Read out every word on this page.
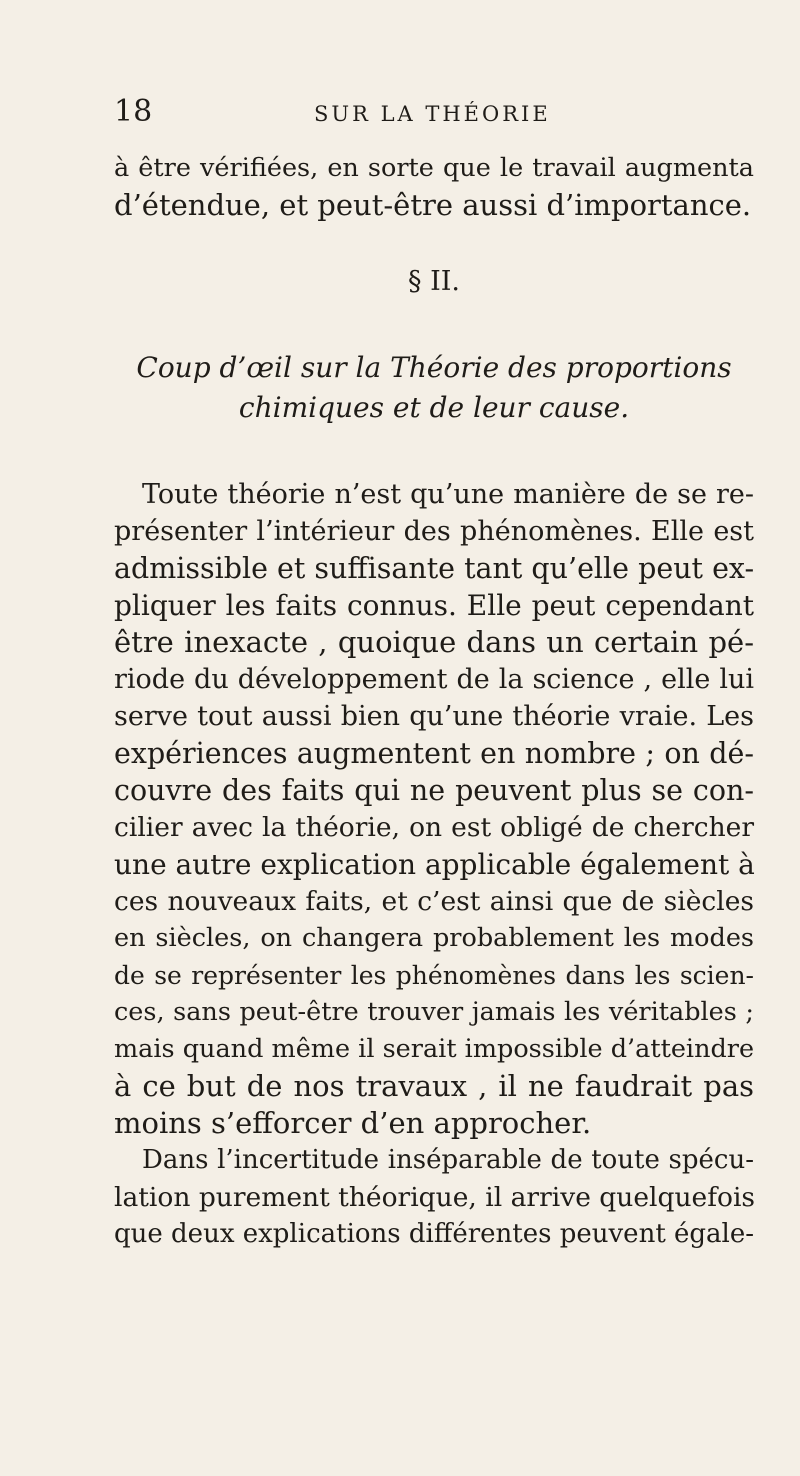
18	SUR LA THÉORIE
à être vérifiées, en sorte que le travail augmenta
d’étendue, et peut-être aussi d’importance.
§ II.
Coup d’œil sur la Théorie des proportions
chimiques et de leur cause.
Toute théorie n’est qu’une manière de se re-
présenter l’intérieur des phénomènes. Elle est
admissible et suffisante tant qu’elle peut ex-
pliquer les faits connus. Elle peut cependant
être inexacte , quoique dans un certain pé-
riode du développement de la science , elle lui
serve tout aussi bien qu’une théorie vraie. Les
expériences augmentent en nombre ; on dé-
couvre des faits qui ne peuvent plus se con-
cilier avec la théorie, on est obligé de chercher
une autre explication applicable également à
ces nouveaux faits, et c’est ainsi que de siècles
en siècles, on changera probablement les modes
de se représenter les phénomènes dans les scien-
ces, sans peut-être trouver jamais les véritables ;
mais quand même il serait impossible d’atteindre
à ce but de nos travaux , il ne faudrait pas
moins s’efforcer d’en approcher.
Dans l’incertitude inséparable de toute spécu-
lation purement théorique, il arrive quelquefois
que deux explications différentes peuvent égale-
